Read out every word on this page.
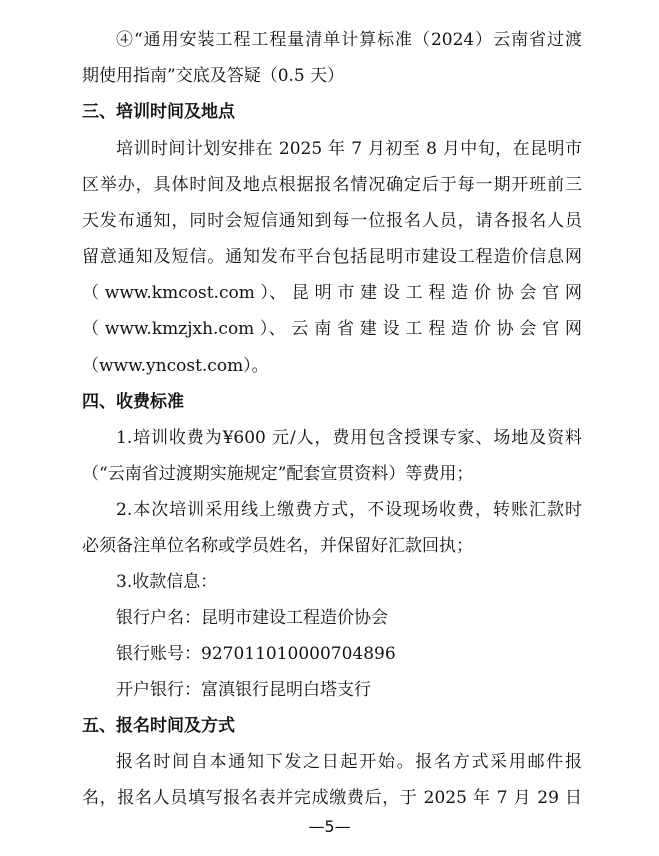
④“通用安装工程工程量清单计算标准（2024）云南省过渡
期使用指南”交底及答疑（0.5 天）
三、培训时间及地点
培训时间计划安排在 2025 年 7 月初至 8 月中旬，在昆明市
区举办，具体时间及地点根据报名情况确定后于每一期开班前三
天发布通知，同时会短信通知到每一位报名人员，请各报名人员
留意通知及短信。通知发布平台包括昆明市建设工程造价信息网
（ www.kmcost.com ）、 昆 明 市 建 设 工 程 造 价 协 会 官 网
（ www.kmzjxh.com ）、 云 南 省 建 设 工 程 造 价 协 会 官 网
（www.yncost.com）。
四、收费标准
1.培训收费为¥600 元/人，费用包含授课专家、场地及资料
（“云南省过渡期实施规定”配套宣贯资料）等费用；
2.本次培训采用线上缴费方式，不设现场收费，转账汇款时
必须备注单位名称或学员姓名，并保留好汇款回执；
3.收款信息：
银行户名：昆明市建设工程造价协会
银行账号：927011010000704896
开户银行：富滇银行昆明白塔支行
五、报名时间及方式
报名时间自本通知下发之日起开始。报名方式采用邮件报
名，报名人员填写报名表并完成缴费后，于 2025 年 7 月 29 日
—5—
